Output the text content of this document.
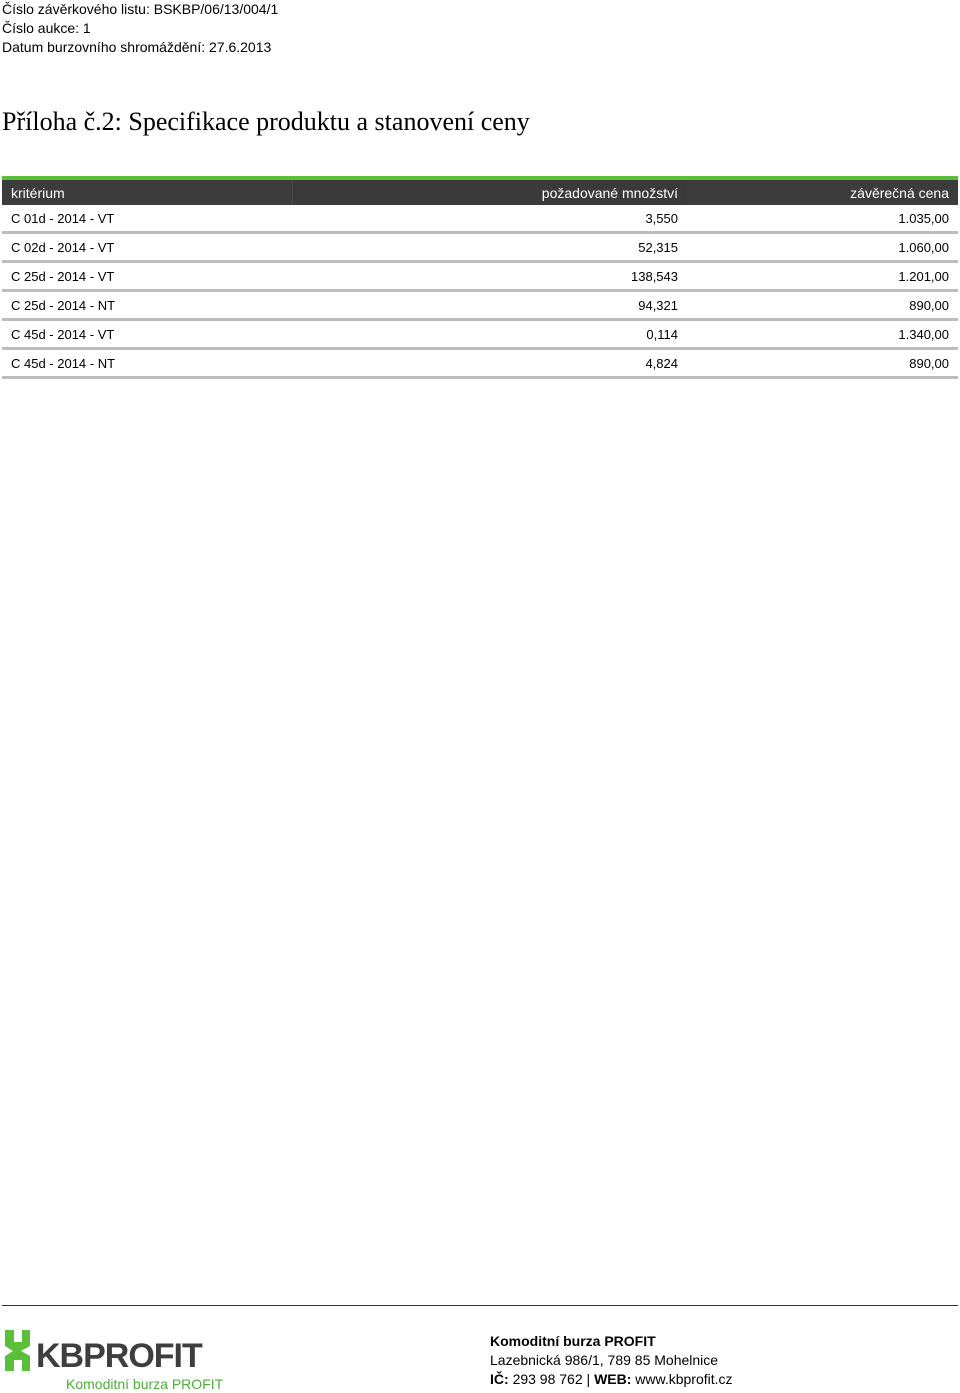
Číslo závěrkového listu: BSKBP/06/13/004/1
Číslo aukce: 1
Datum burzovního shromáždění: 27.6.2013
Příloha č.2: Specifikace produktu a stanovení ceny
kritérium	požadované množství	závěrečná cena
C 01d - 2014 - VT	3,550	1.035,00
C 02d - 2014 - VT	52,315	1.060,00
C 25d - 2014 - VT	138,543	1.201,00
C 25d - 2014 - NT	94,321	890,00
C 45d - 2014 - VT	0,114	1.340,00
C 45d - 2014 - NT	4,824	890,00
KBPROFIT
Komoditní burza PROFIT
Komoditní burza PROFIT
Lazebnická 986/1, 789 85 Mohelnice
IČ: 293 98 762 | WEB: www.kbprofit.cz
